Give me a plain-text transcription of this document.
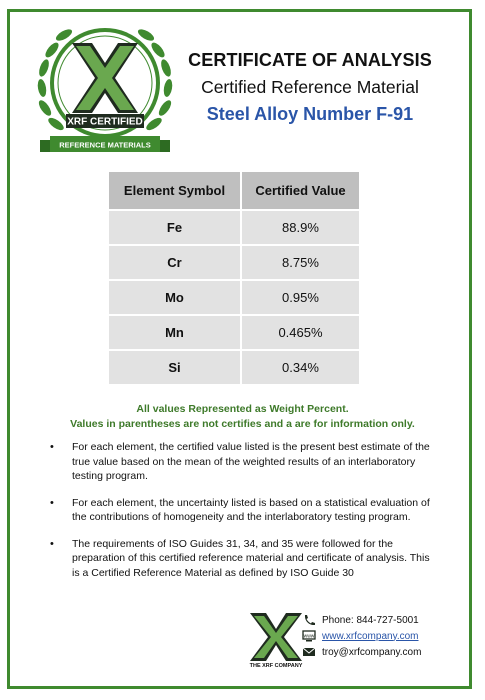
XRF CERTIFIED
REFERENCE MATERIALS
CERTIFICATE OF ANALYSIS
Certified Reference Material
Steel Alloy Number F-91
Element Symbol	Certified Value
Fe	88.9%
Cr	8.75%
Mo	0.95%
Mn	0.465%
Si	0.34%
All values Represented as Weight Percent.
Values in parentheses are not certifies and a are for information only.
• For each element, the certified value listed is the present best estimate of the true value based on the mean of the weighted results of an interlaboratory testing program.
• For each element, the uncertainty listed is based on a statistical evaluation of the contributions of homogeneity and the interlaboratory testing program.
• The requirements of ISO Guides 31, 34, and 35 were followed for the preparation of this certified reference material and certificate of analysis. This is a Certified Reference Material as defined by ISO Guide 30
THE XRF COMPANY
Phone: 844-727-5001
www www.xrfcompany.com
troy@xrfcompany.com
